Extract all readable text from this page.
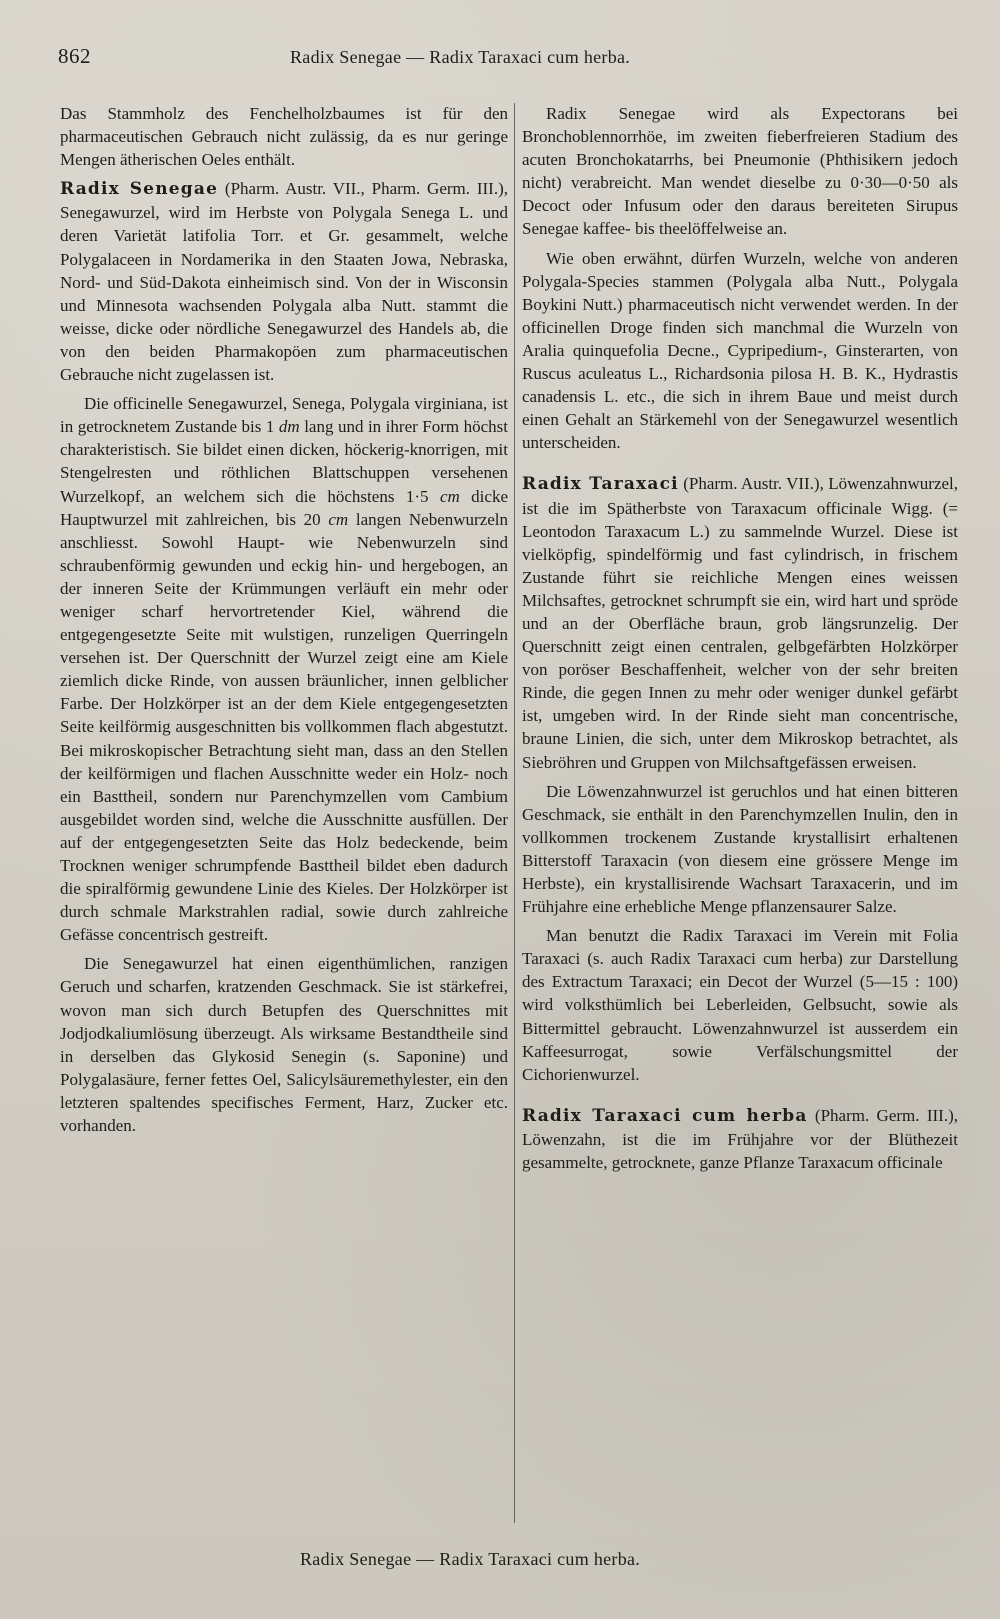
862	Radix Senegae — Radix Taraxaci cum herba.

Das Stammholz des Fenchelholzbaumes ist für den pharmaceutischen Gebrauch nicht zulässig, da es nur geringe Mengen ätherischen Oeles enthält.

Radix Senegae (Pharm. Austr. VII., Pharm. Germ. III.), Senegawurzel, wird im Herbste von Polygala Senega L. und deren Varietät latifolia Torr. et Gr. gesammelt, welche Polygalaceen in Nordamerika in den Staaten Jowa, Nebraska, Nord- und Süd-Dakota einheimisch sind. Von der in Wisconsin und Minnesota wachsenden Polygala alba Nutt. stammt die weisse, dicke oder nördliche Senegawurzel des Handels ab, die von den beiden Pharmakopöen zum pharmaceutischen Gebrauche nicht zugelassen ist.

Die officinelle Senegawurzel, Senega, Polygala virginiana, ist in getrocknetem Zustande bis 1 dm lang und in ihrer Form höchst charakteristisch. Sie bildet einen dicken, höckerig-knorrigen, mit Stengelresten und röthlichen Blattschuppen versehenen Wurzelkopf, an welchem sich die höchstens 1·5 cm dicke Hauptwurzel mit zahlreichen, bis 20 cm langen Nebenwurzeln anschliesst. Sowohl Haupt- wie Nebenwurzeln sind schraubenförmig gewunden und eckig hin- und hergebogen, an der inneren Seite der Krümmungen verläuft ein mehr oder weniger scharf hervortretender Kiel, während die entgegengesetzte Seite mit wulstigen, runzeligen Querringeln versehen ist. Der Querschnitt der Wurzel zeigt eine am Kiele ziemlich dicke Rinde, von aussen bräunlicher, innen gelblicher Farbe. Der Holzkörper ist an der dem Kiele entgegengesetzten Seite keilförmig ausgeschnitten bis vollkommen flach abgestutzt. Bei mikroskopischer Betrachtung sieht man, dass an den Stellen der keilförmigen und flachen Ausschnitte weder ein Holz- noch ein Basttheil, sondern nur Parenchymzellen vom Cambium ausgebildet worden sind, welche die Ausschnitte ausfüllen. Der auf der entgegengesetzten Seite das Holz bedeckende, beim Trocknen weniger schrumpfende Basttheil bildet eben dadurch die spiralförmig gewundene Linie des Kieles. Der Holzkörper ist durch schmale Markstrahlen radial, sowie durch zahlreiche Gefässe concentrisch gestreift.

Die Senegawurzel hat einen eigenthümlichen, ranzigen Geruch und scharfen, kratzenden Geschmack. Sie ist stärkefrei, wovon man sich durch Betupfen des Querschnittes mit Jodjodkaliumlösung überzeugt. Als wirksame Bestandtheile sind in derselben das Glykosid Senegin (s. Saponine) und Polygalasäure, ferner fettes Oel, Salicylsäuremethylester, ein den letzteren spaltendes specifisches Ferment, Harz, Zucker etc. vorhanden.

Radix Senegae wird als Expectorans bei Bronchoblennorrhöe, im zweiten fieberfreieren Stadium des acuten Bronchokatarrhs, bei Pneumonie (Phthisikern jedoch nicht) verabreicht. Man wendet dieselbe zu 0·30—0·50 als Decoct oder Infusum oder den daraus bereiteten Sirupus Senegae kaffee- bis theelöffelweise an.

Wie oben erwähnt, dürfen Wurzeln, welche von anderen Polygala-Species stammen (Polygala alba Nutt., Polygala Boykini Nutt.) pharmaceutisch nicht verwendet werden. In der officinellen Droge finden sich manchmal die Wurzeln von Aralia quinquefolia Decne., Cypripedium-, Ginsterarten, von Ruscus aculeatus L., Richardsonia pilosa H. B. K., Hydrastis canadensis L. etc., die sich in ihrem Baue und meist durch einen Gehalt an Stärkemehl von der Senegawurzel wesentlich unterscheiden.

Radix Taraxaci (Pharm. Austr. VII.), Löwenzahnwurzel, ist die im Spätherbste von Taraxacum officinale Wigg. (= Leontodon Taraxacum L.) zu sammelnde Wurzel. Diese ist vielköpfig, spindelförmig und fast cylindrisch, in frischem Zustande führt sie reichliche Mengen eines weissen Milchsaftes, getrocknet schrumpft sie ein, wird hart und spröde und an der Oberfläche braun, grob längsrunzelig. Der Querschnitt zeigt einen centralen, gelbgefärbten Holzkörper von poröser Beschaffenheit, welcher von der sehr breiten Rinde, die gegen Innen zu mehr oder weniger dunkel gefärbt ist, umgeben wird. In der Rinde sieht man concentrische, braune Linien, die sich, unter dem Mikroskop betrachtet, als Siebröhren und Gruppen von Milchsaftgefässen erweisen.

Die Löwenzahnwurzel ist geruchlos und hat einen bitteren Geschmack, sie enthält in den Parenchymzellen Inulin, den in vollkommen trockenem Zustande krystallisirt erhaltenen Bitterstoff Taraxacin (von diesem eine grössere Menge im Herbste), ein krystallisirende Wachsart Taraxacerin, und im Frühjahre eine erhebliche Menge pflanzensaurer Salze.

Man benutzt die Radix Taraxaci im Verein mit Folia Taraxaci (s. auch Radix Taraxaci cum herba) zur Darstellung des Extractum Taraxaci; ein Decot der Wurzel (5—15 : 100) wird volksthümlich bei Leberleiden, Gelbsucht, sowie als Bittermittel gebraucht. Löwenzahnwurzel ist ausserdem ein Kaffeesurrogat, sowie Verfälschungsmittel der Cichorienwurzel.

Radix Taraxaci cum herba (Pharm. Germ. III.), Löwenzahn, ist die im Frühjahre vor der Blüthezeit gesammelte, getrocknete, ganze Pflanze Taraxacum officinale

Radix Senegae — Radix Taraxaci cum herba.
